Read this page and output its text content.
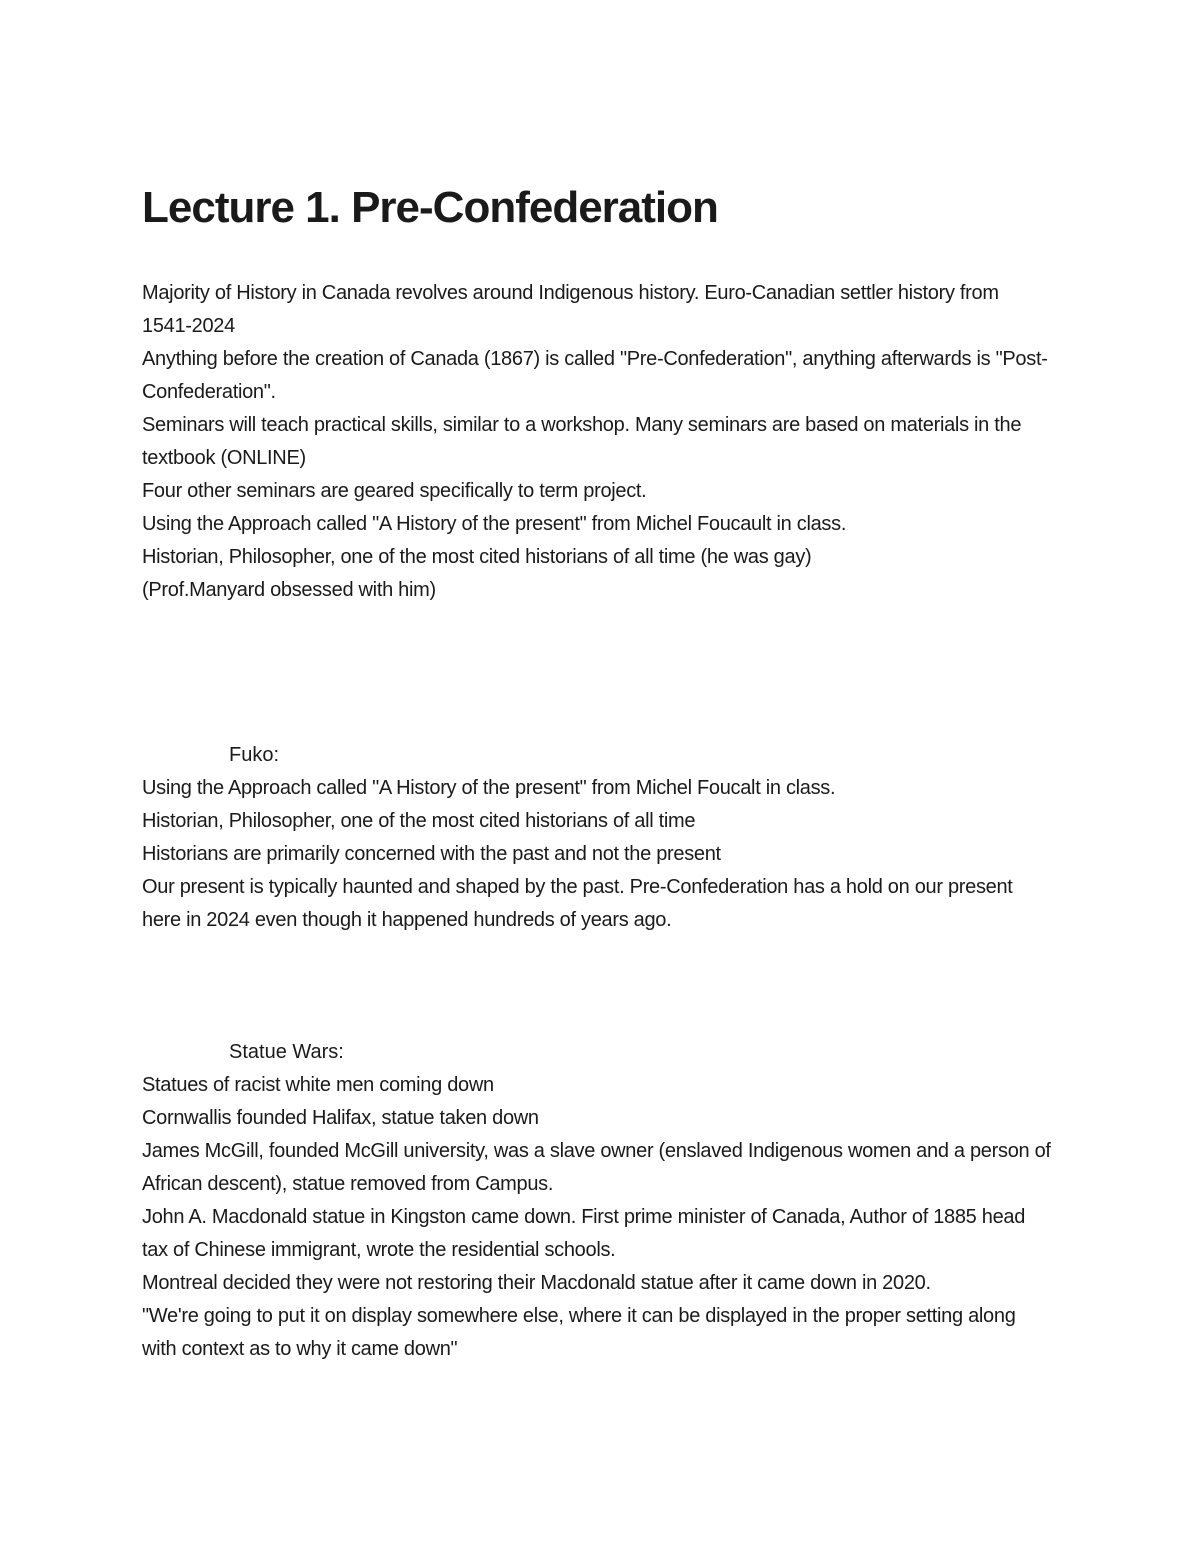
Lecture 1. Pre-Confederation

Majority of History in Canada revolves around Indigenous history. Euro-Canadian settler history from 1541-2024

Anything before the creation of Canada (1867) is called "Pre-Confederation", anything afterwards is "Post-Confederation".

Seminars will teach practical skills, similar to a workshop. Many seminars are based on materials in the textbook (ONLINE)

Four other seminars are geared specifically to term project.

Using the Approach called "A History of the present" from Michel Foucault in class.

Historian, Philosopher, one of the most cited historians of all time (he was gay)

(Prof.Manyard obsessed with him)

Fuko:

Using the Approach called "A History of the present" from Michel Foucalt in class.

Historian, Philosopher, one of the most cited historians of all time

Historians are primarily concerned with the past and not the present

Our present is typically haunted and shaped by the past. Pre-Confederation has a hold on our present here in 2024 even though it happened hundreds of years ago.

Statue Wars:

Statues of racist white men coming down

Cornwallis founded Halifax, statue taken down

James McGill, founded McGill university, was a slave owner (enslaved Indigenous women and a person of African descent), statue removed from Campus.

John A. Macdonald statue in Kingston came down. First prime minister of Canada, Author of 1885 head tax of Chinese immigrant, wrote the residential schools.

Montreal decided they were not restoring their Macdonald statue after it came down in 2020.

"We're going to put it on display somewhere else, where it can be displayed in the proper setting along with context as to why it came down"
